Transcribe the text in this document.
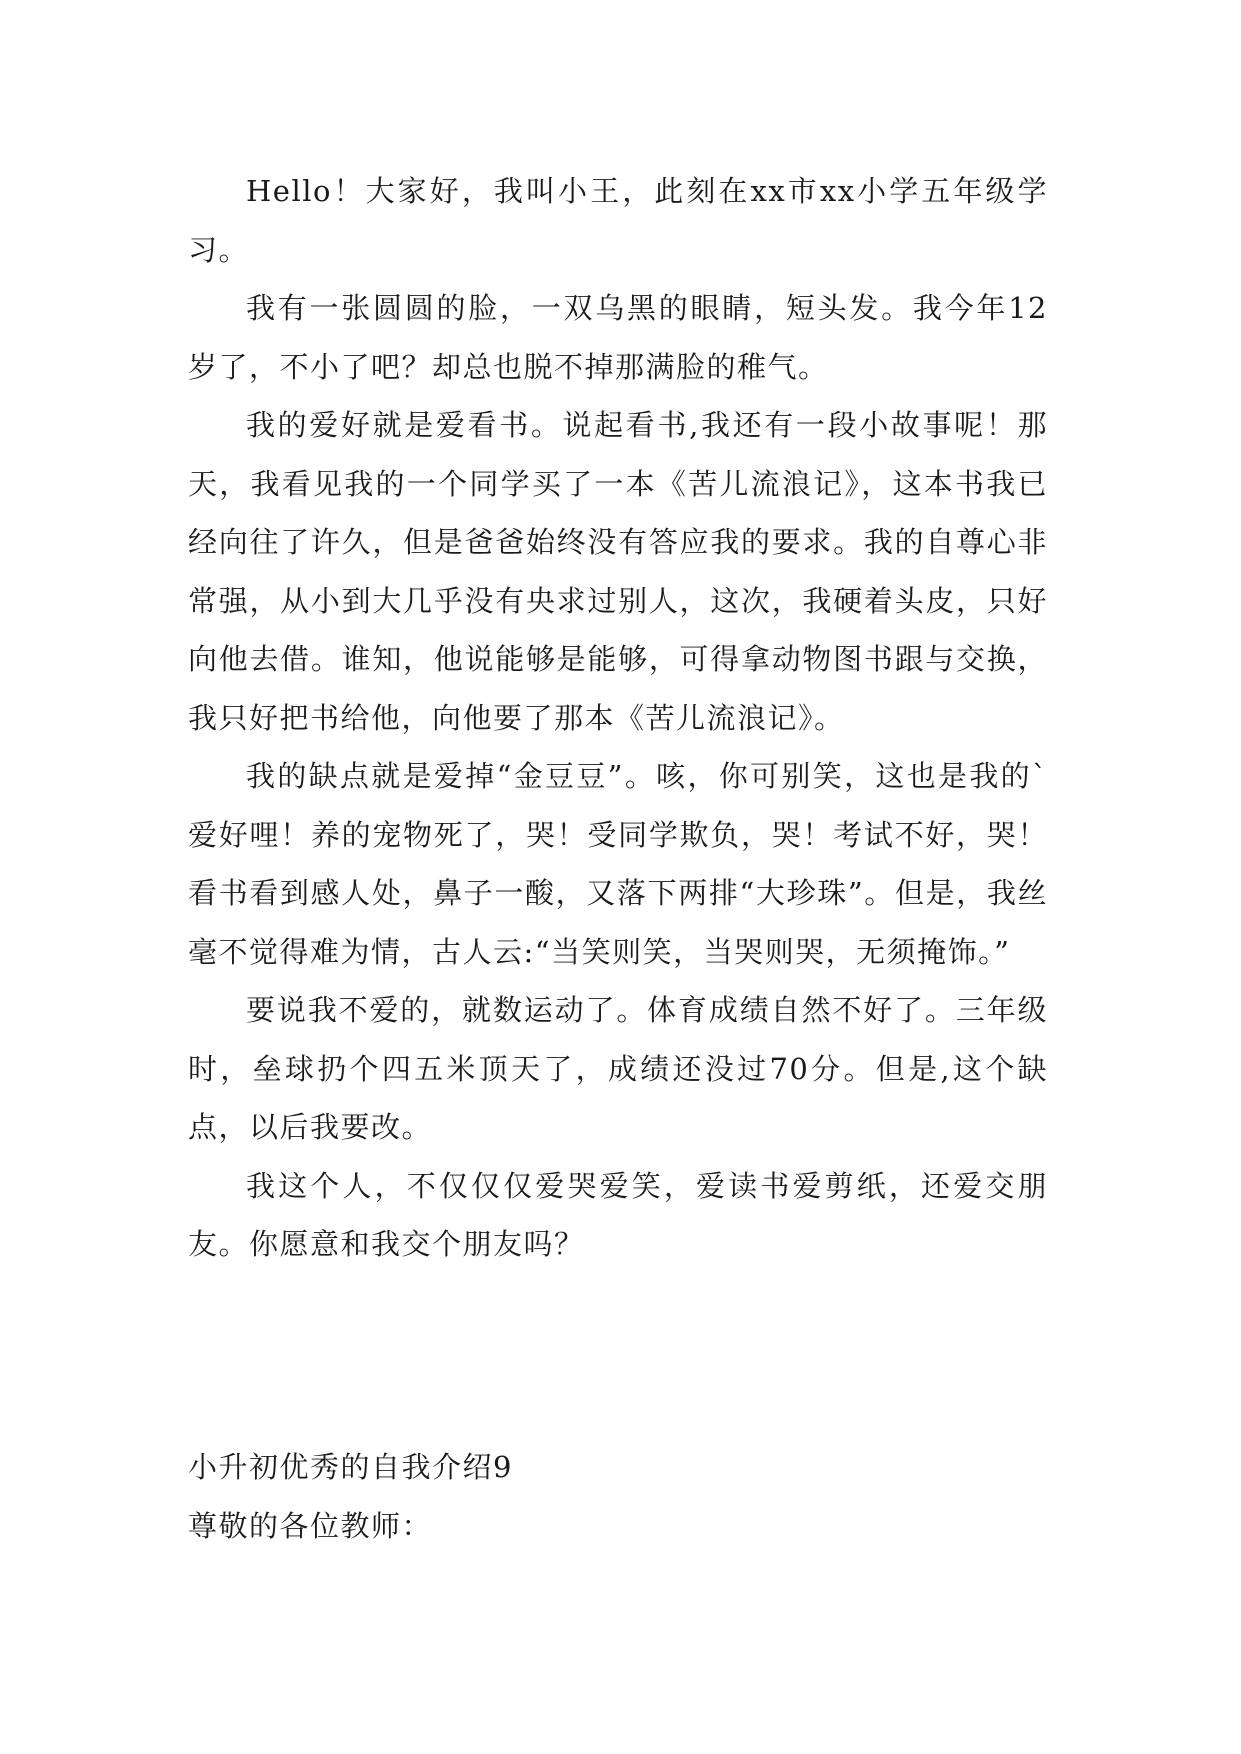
Hello！大家好，我叫小王，此刻在xx市xx小学五年级学习。

我有一张圆圆的脸，一双乌黑的眼睛，短头发。我今年12岁了，不小了吧？却总也脱不掉那满脸的稚气。

我的爱好就是爱看书。说起看书,我还有一段小故事呢！那天，我看见我的一个同学买了一本《苦儿流浪记》，这本书我已经向往了许久，但是爸爸始终没有答应我的要求。我的自尊心非常强，从小到大几乎没有央求过别人，这次，我硬着头皮，只好向他去借。谁知，他说能够是能够，可得拿动物图书跟与交换，我只好把书给他，向他要了那本《苦儿流浪记》。

我的缺点就是爱掉“金豆豆”。咳，你可别笑，这也是我的`爱好哩！养的宠物死了，哭！受同学欺负，哭！考试不好，哭！看书看到感人处，鼻子一酸，又落下两排“大珍珠”。但是，我丝毫不觉得难为情，古人云:“当笑则笑，当哭则哭，无须掩饰。”

要说我不爱的，就数运动了。体育成绩自然不好了。三年级时，垒球扔个四五米顶天了，成绩还没过70分。但是,这个缺点，以后我要改。

我这个人，不仅仅仅爱哭爱笑，爱读书爱剪纸，还爱交朋友。你愿意和我交个朋友吗？

小升初优秀的自我介绍9

尊敬的各位教师：
